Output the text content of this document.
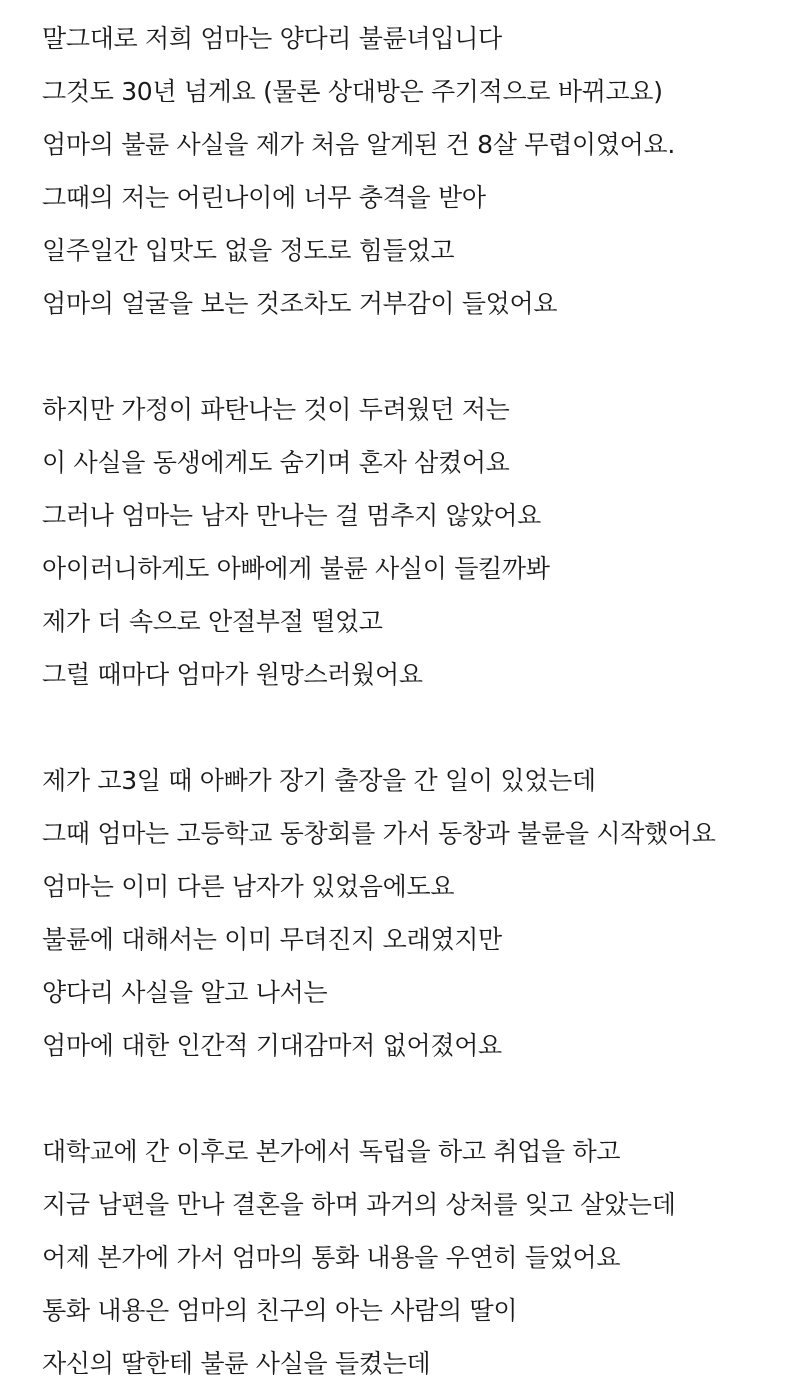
말그대로 저희 엄마는 양다리 불륜녀입니다
그것도 30년 넘게요 (물론 상대방은 주기적으로 바뀌고요)
엄마의 불륜 사실을 제가 처음 알게된 건 8살 무렵이였어요.
그때의 저는 어린나이에 너무 충격을 받아
일주일간 입맛도 없을 정도로 힘들었고
엄마의 얼굴을 보는 것조차도 거부감이 들었어요
하지만 가정이 파탄나는 것이 두려웠던 저는
이 사실을 동생에게도 숨기며 혼자 삼켰어요
그러나 엄마는 남자 만나는 걸 멈추지 않았어요
아이러니하게도 아빠에게 불륜 사실이 들킬까봐
제가 더 속으로 안절부절 떨었고
그럴 때마다 엄마가 원망스러웠어요
제가 고3일 때 아빠가 장기 출장을 간 일이 있었는데
그때 엄마는 고등학교 동창회를 가서 동창과 불륜을 시작했어요
엄마는 이미 다른 남자가 있었음에도요
불륜에 대해서는 이미 무뎌진지 오래였지만
양다리 사실을 알고 나서는
엄마에 대한 인간적 기대감마저 없어졌어요
대학교에 간 이후로 본가에서 독립을 하고 취업을 하고
지금 남편을 만나 결혼을 하며 과거의 상처를 잊고 살았는데
어제 본가에 가서 엄마의 통화 내용을 우연히 들었어요
통화 내용은 엄마의 친구의 아는 사람의 딸이
자신의 딸한테 불륜 사실을 들켰는데
